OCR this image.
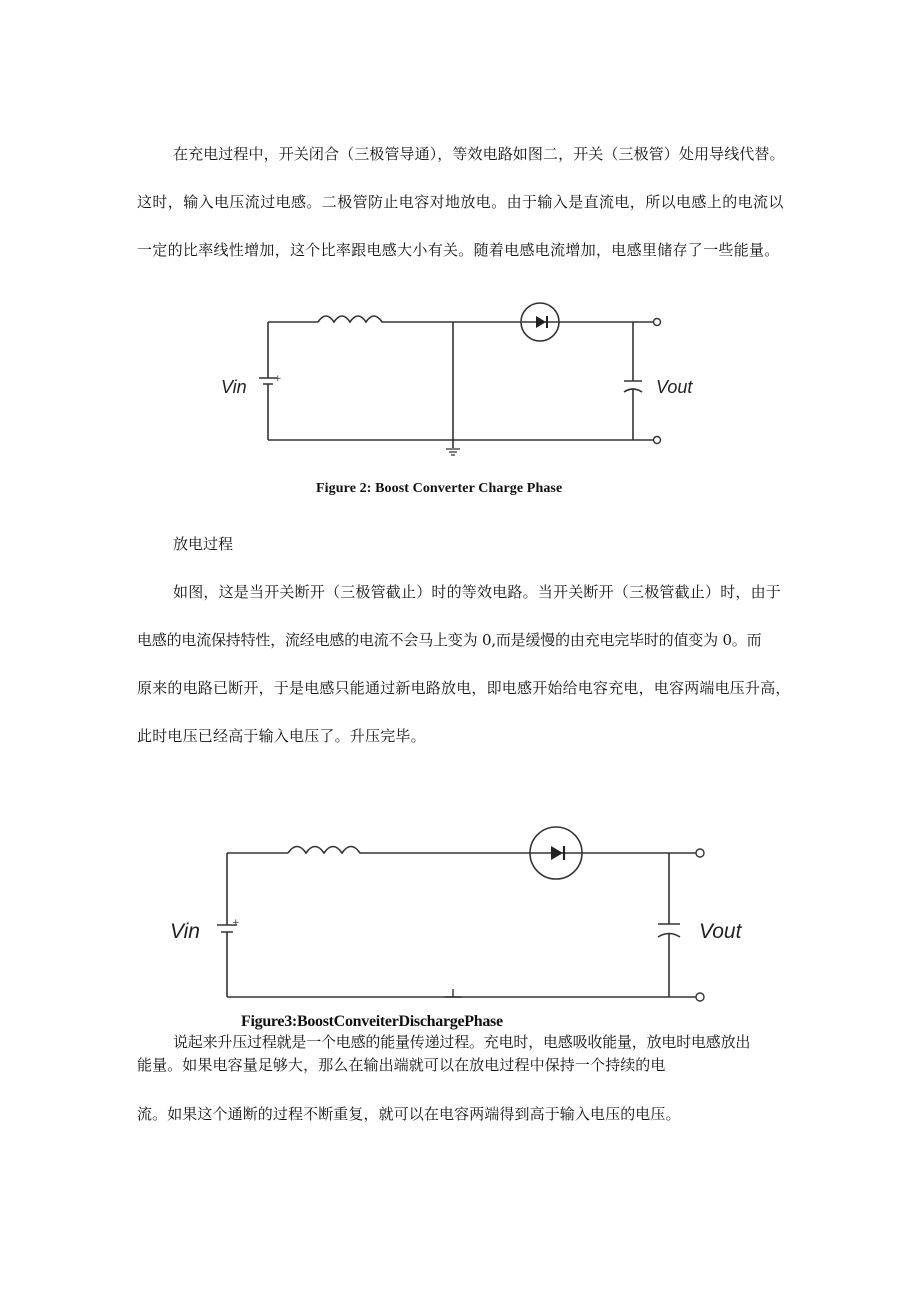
在充电过程中，开关闭合（三极管导通），等效电路如图二，开关（三极管）处用导线代替。
这时，输入电压流过电感。二极管防止电容对地放电。由于输入是直流电，所以电感上的电流以
一定的比率线性增加，这个比率跟电感大小有关。随着电感电流增加，电感里储存了一些能量。
Vin	+	Vout
Figure 2: Boost Converter Charge Phase
放电过程
如图，这是当开关断开（三极管截止）时的等效电路。当开关断开（三极管截止）时，由于
电感的电流保持特性，流经电感的电流不会马上变为 0,而是缓慢的由充电完毕时的值变为 0。而
原来的电路已断开，于是电感只能通过新电路放电，即电感开始给电容充电，电容两端电压升高，
此时电压已经高于输入电压了。升压完毕。
Vin	+	Vout
Figure3:BoostConveiterDischargePhase
说起来升压过程就是一个电感的能量传递过程。充电时，电感吸收能量，放电时电感放出
能量。如果电容量足够大，那么在输出端就可以在放电过程中保持一个持续的电
流。如果这个通断的过程不断重复，就可以在电容两端得到高于输入电压的电压。
